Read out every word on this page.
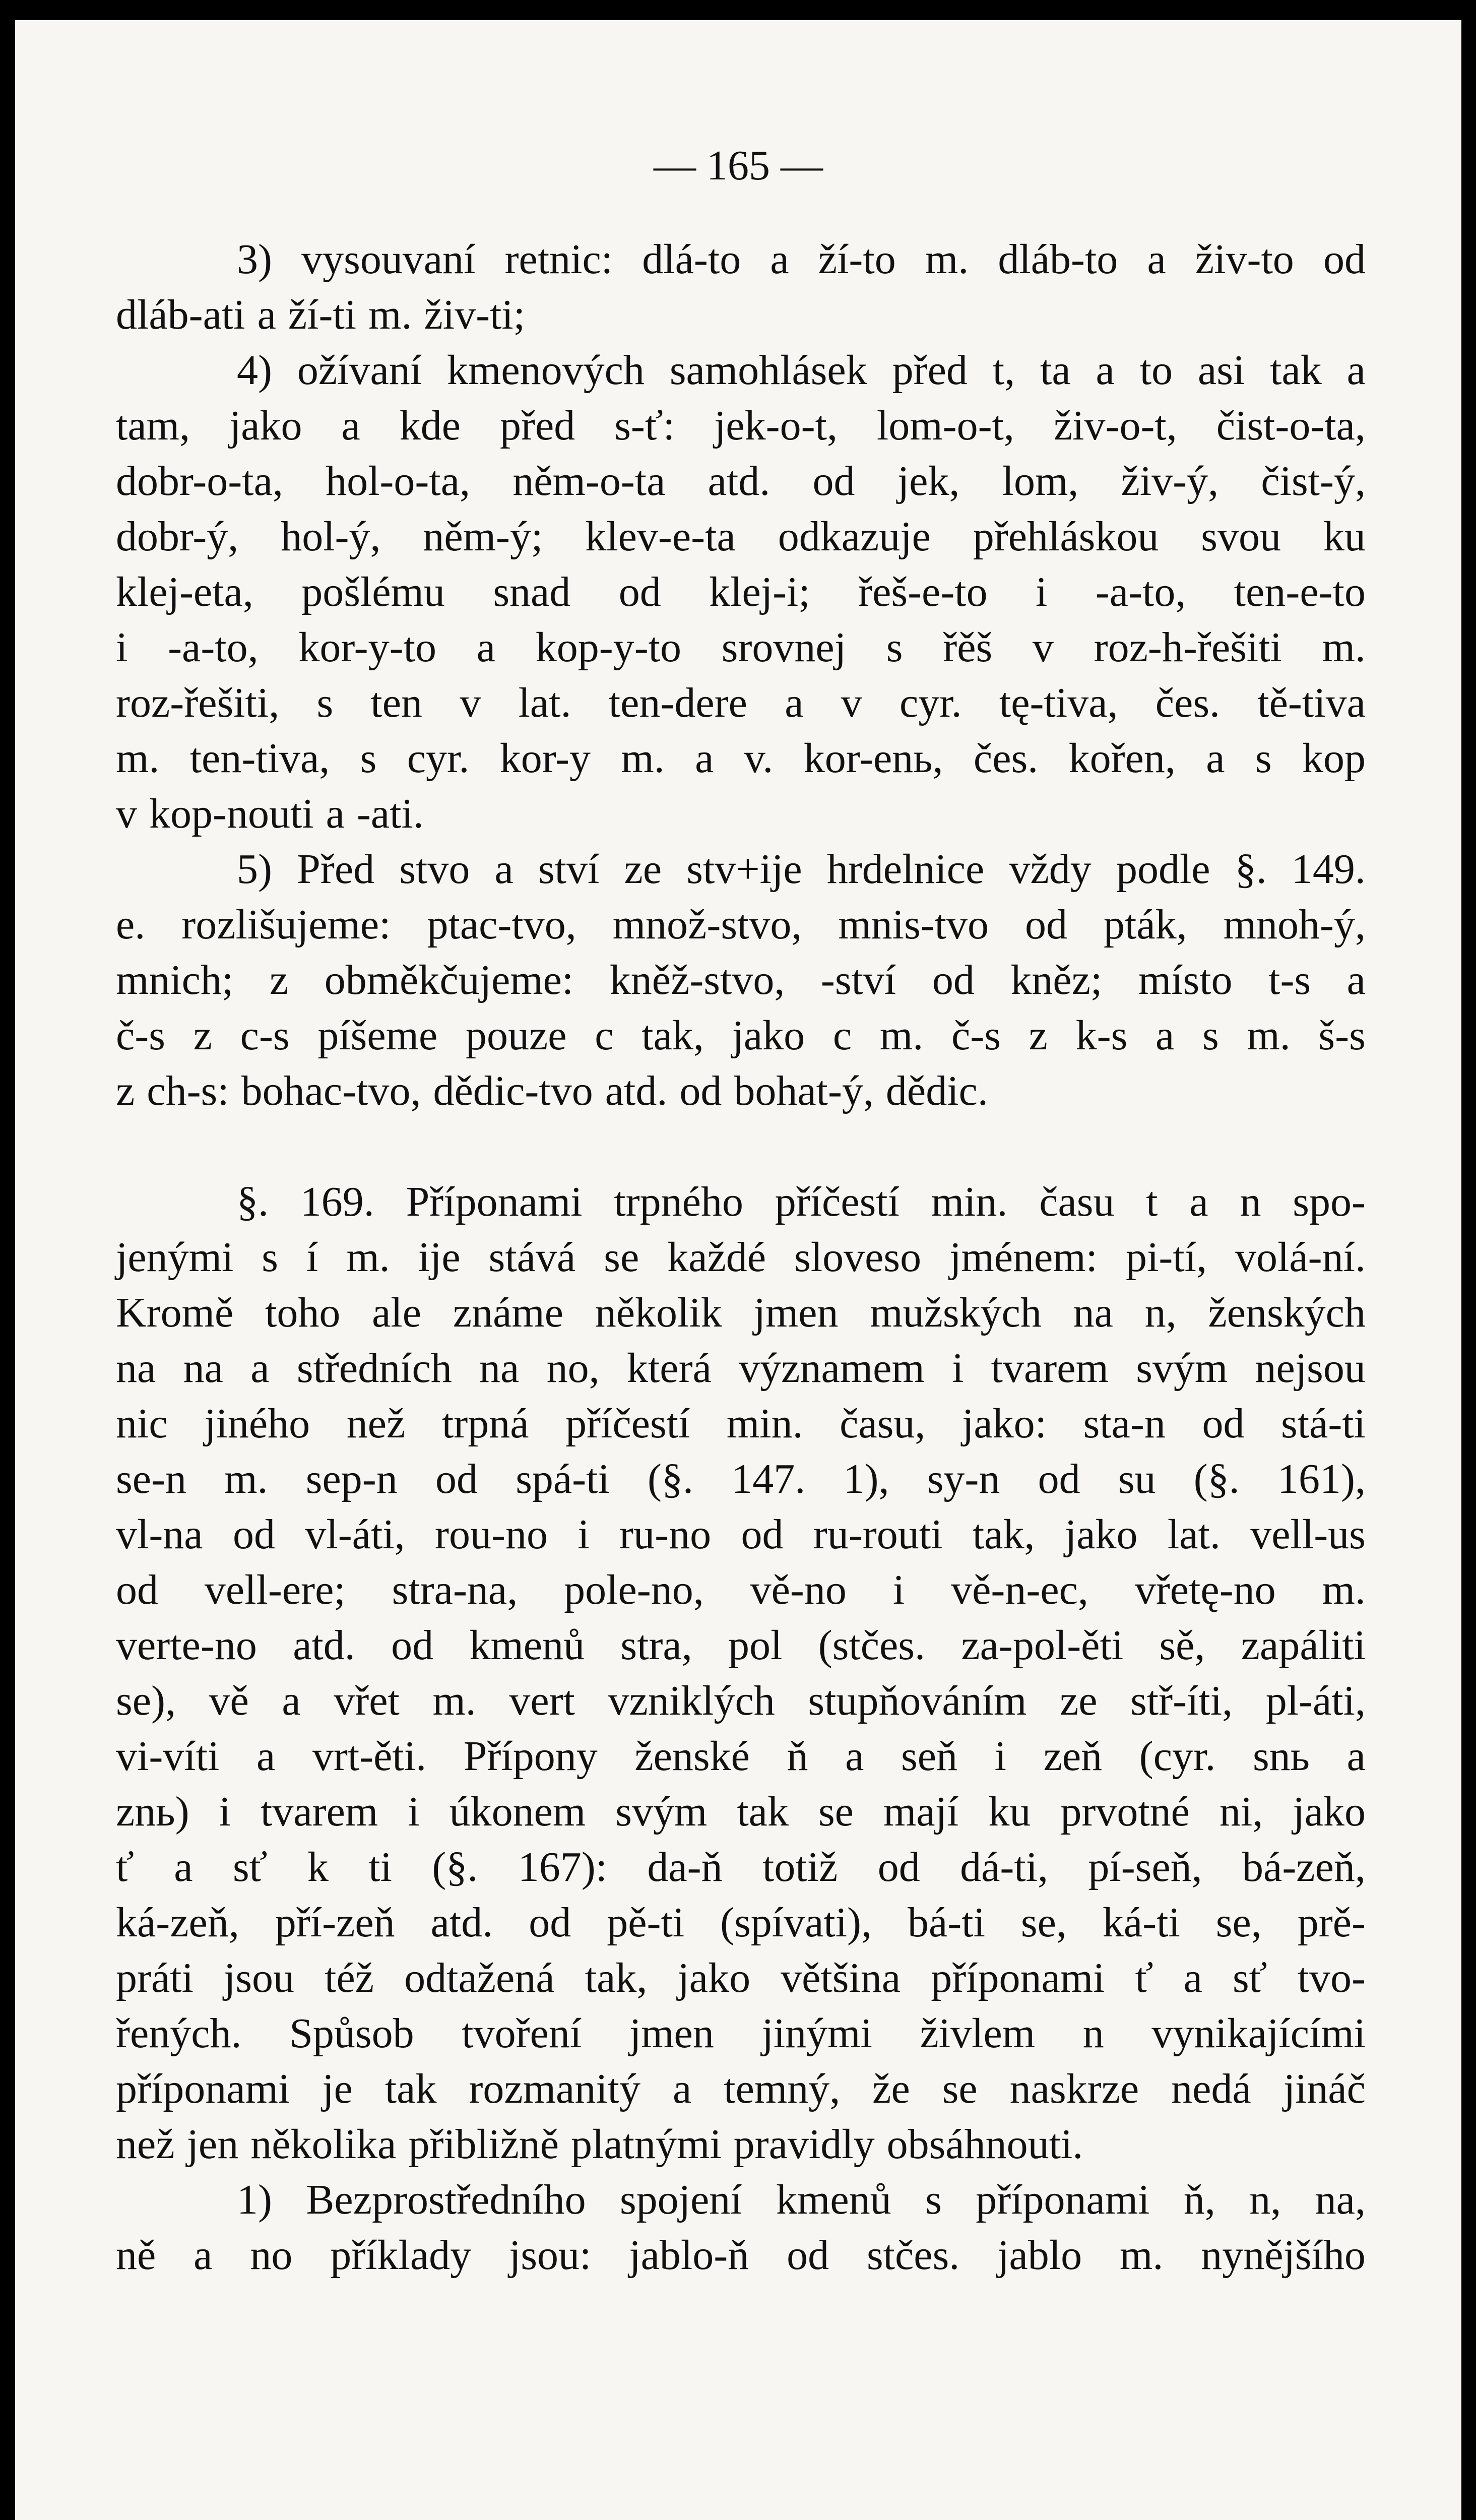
— 165 —
3) vysouvaní retnic: dlá-to a ží-to m. dláb-to a živ-to od
dláb-ati a ží-ti m. živ-ti;
4) ožívaní kmenových samohlásek před t, ta a to asi tak a
tam, jako a kde před s-ť: jek-o-t, lom-o-t, živ-o-t, čist-o-ta,
dobr-o-ta, hol-o-ta, něm-o-ta atd. od jek, lom, živ-ý, čist-ý,
dobr-ý, hol-ý, něm-ý; klev-e-ta odkazuje přehláskou svou ku
klej-eta, pošlému snad od klej-i; řeš-e-to i -a-to, ten-e-to
i -a-to, kor-y-to a kop-y-to srovnej s řěš v roz-h-řešiti m.
roz-řešiti, s ten v lat. ten-dere a v cyr. tę-tiva, čes. tě-tiva
m. ten-tiva, s cyr. kor-y m. a v. kor-enь, čes. kořen, a s kop
v kop-nouti a -ati.
5) Před stvo a ství ze stv+ije hrdelnice vždy podle §. 149.
e. rozlišujeme: ptac-tvo, množ-stvo, mnis-tvo od pták, mnoh-ý,
mnich; z obměkčujeme: kněž-stvo, -ství od kněz; místo t-s a
č-s z c-s píšeme pouze c tak, jako c m. č-s z k-s a s m. š-s
z ch-s: bohac-tvo, dědic-tvo atd. od bohat-ý, dědic.
§. 169. Příponami trpného příčestí min. času t a n spo-
jenými s í m. ije stává se každé sloveso jménem: pi-tí, volá-ní.
Kromě toho ale známe několik jmen mužských na n, ženských
na na a středních na no, která významem i tvarem svým nejsou
nic jiného než trpná příčestí min. času, jako: sta-n od stá-ti
se-n m. sep-n od spá-ti (§. 147. 1), sy-n od su (§. 161),
vl-na od vl-áti, rou-no i ru-no od ru-routi tak, jako lat. vell-us
od vell-ere; stra-na, pole-no, vě-no i vě-n-ec, vřetę-no m.
verte-no atd. od kmenů stra, pol (stčes. za-pol-ěti sě, zapáliti
se), vě a vřet m. vert vzniklých stupňováním ze stř-íti, pl-áti,
vi-víti a vrt-ěti. Přípony ženské ň a seň i zeň (cyr. snь a
znь) i tvarem i úkonem svým tak se mají ku prvotné ni, jako
ť a sť k ti (§. 167): da-ň totiž od dá-ti, pí-seň, bá-zeň,
ká-zeň, pří-zeň atd. od pě-ti (spívati), bá-ti se, ká-ti se, prě-
práti jsou též odtažená tak, jako většina příponami ť a sť tvo-
řených. Spůsob tvoření jmen jinými živlem n vynikajícími
příponami je tak rozmanitý a temný, že se naskrze nedá jináč
než jen několika přibližně platnými pravidly obsáhnouti.
1) Bezprostředního spojení kmenů s příponami ň, n, na,
ně a no příklady jsou: jablo-ň od stčes. jablo m. nynějšího
